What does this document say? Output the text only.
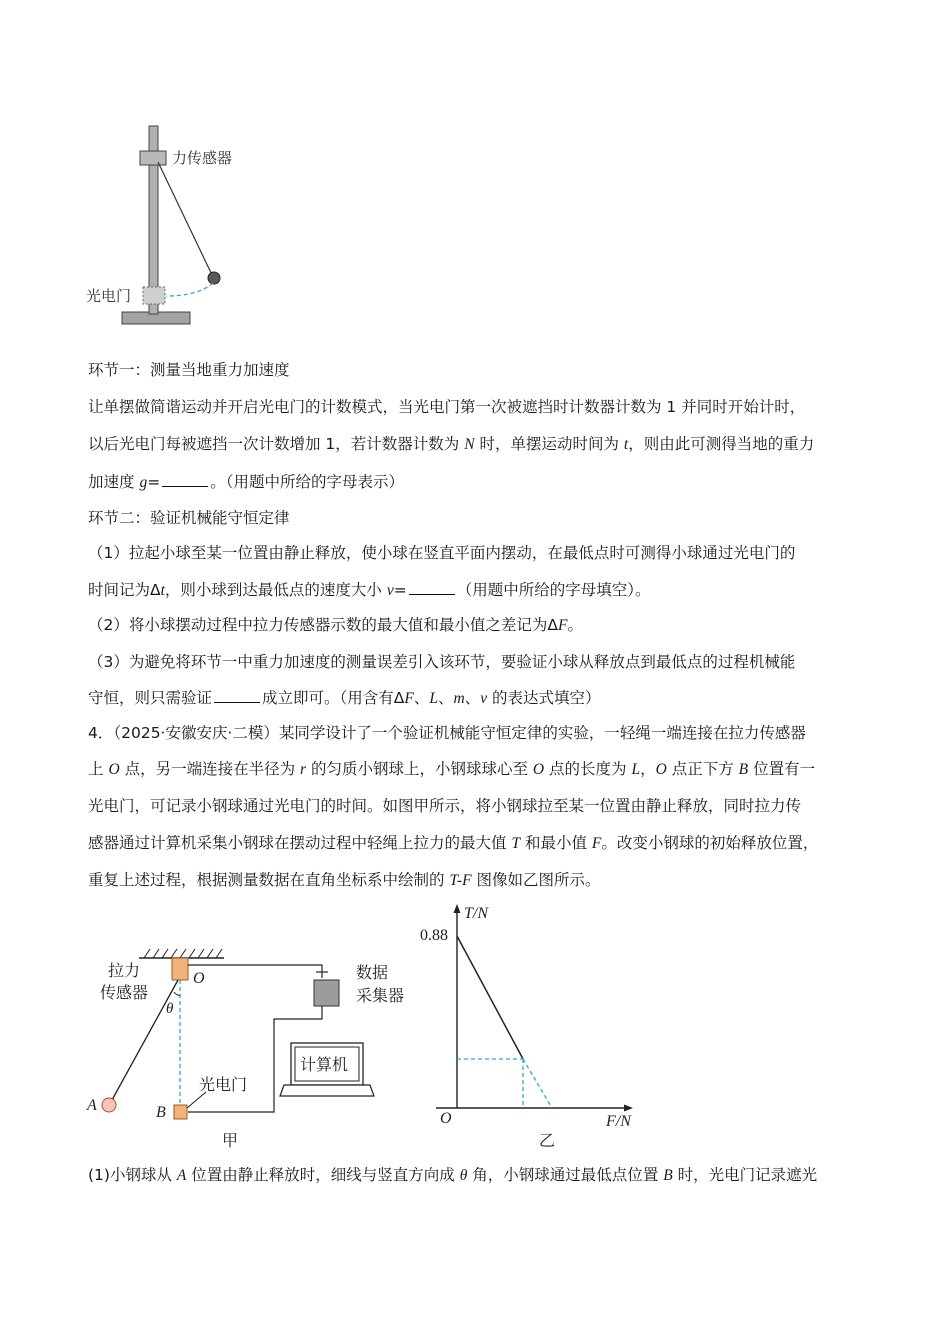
力传感器
光电门
环节一：测量当地重力加速度
让单摆做简谐运动并开启光电门的计数模式，当光电门第一次被遮挡时计数器计数为 1 并同时开始计时，
以后光电门每被遮挡一次计数增加 1，若计数器计数为 N 时，单摆运动时间为 t，则由此可测得当地的重力
加速度 g=	。（用题中所给的字母表示）
环节二：验证机械能守恒定律
（1）拉起小球至某一位置由静止释放，使小球在竖直平面内摆动，在最低点时可测得小球通过光电门的
时间记为Δt，则小球到达最低点的速度大小 v=	（用题中所给的字母填空）。
（2）将小球摆动过程中拉力传感器示数的最大值和最小值之差记为ΔF。
（3）为避免将环节一中重力加速度的测量误差引入该环节，要验证小球从释放点到最低点的过程机械能
守恒，则只需验证	成立即可。（用含有ΔF、L、m、v 的表达式填空）
4．（2025·安徽安庆·二模）某同学设计了一个验证机械能守恒定律的实验，一轻绳一端连接在拉力传感器
上 O 点，另一端连接在半径为 r 的匀质小钢球上，小钢球球心至 O 点的长度为 L，O 点正下方 B 位置有一
光电门，可记录小钢球通过光电门的时间。如图甲所示，将小钢球拉至某一位置由静止释放，同时拉力传
感器通过计算机采集小钢球在摆动过程中轻绳上拉力的最大值 T 和最小值 F。改变小钢球的初始释放位置，
重复上述过程，根据测量数据在直角坐标系中绘制的 T-F 图像如乙图所示。
拉力
传感器
O
θ
数据
采集器
计算机
光电门
A	B
甲
T/N
0.88
O	F/N
乙
(1)小钢球从 A 位置由静止释放时，细线与竖直方向成 θ 角，小钢球通过最低点位置 B 时，光电门记录遮光
